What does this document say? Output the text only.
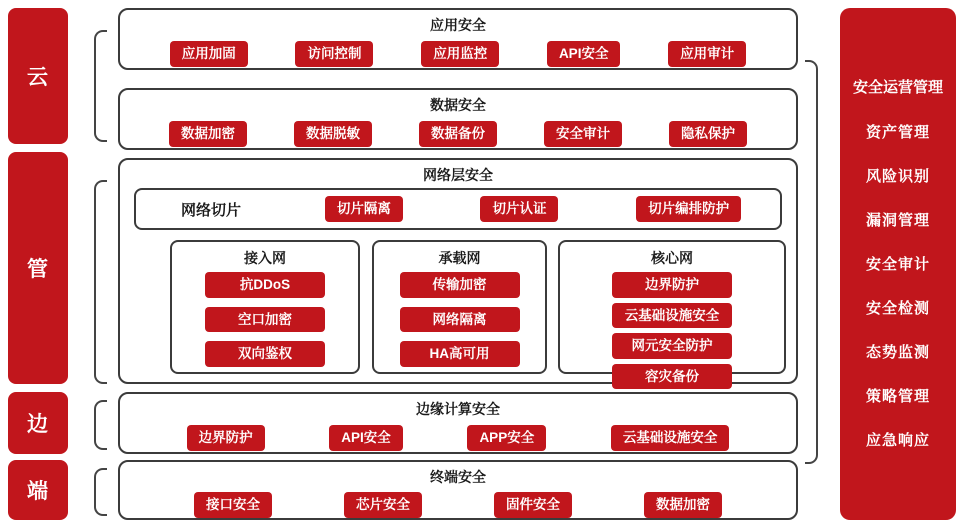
云
管
边
端
应用安全
应用加固	访问控制	应用监控	API安全	应用审计
数据安全
数据加密	数据脱敏	数据备份	安全审计	隐私保护
网络层安全
网络切片	切片隔离	切片认证	切片编排防护
接入网
抗DDoS
空口加密
双向鉴权
承载网
传输加密
网络隔离
HA高可用
核心网
边界防护
云基础设施安全
网元安全防护
容灾备份
边缘计算安全
边界防护	API安全	APP安全	云基础设施安全
终端安全
接口安全	芯片安全	固件安全	数据加密
安全运营管理
资产管理
风险识别
漏洞管理
安全审计
安全检测
态势监测
策略管理
应急响应
